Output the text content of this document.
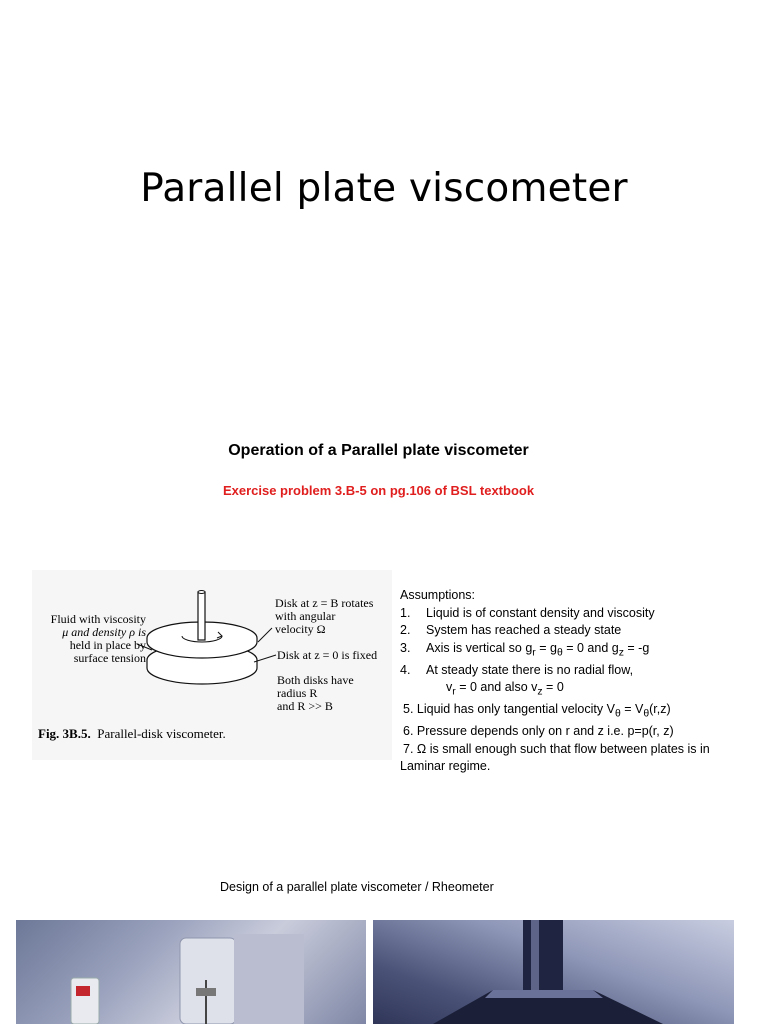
Parallel plate viscometer
Operation of a Parallel plate viscometer
Exercise problem 3.B-5 on pg.106 of BSL textbook
Fluid with viscosity
μ and density ρ is
held in place by
surface tension
Disk at z = B rotates
with angular
velocity Ω
Disk at z = 0 is fixed
Both disks have
radius R
and R >> B
Fig. 3B.5. Parallel-disk viscometer.
Assumptions:
1. Liquid is of constant density and viscosity
2. System has reached a steady state
3. Axis is vertical so $g_r = g_\theta = 0$ and $g_z = -g$
4. At steady state there is no radial flow,
$v_r = 0$ and also $v_z = 0$
5. Liquid has only tangential velocity $V_\theta = V_\theta(r,z)$
6. Pressure depends only on r and z i.e. p=p(r, z)
7. Ω is small enough such that flow between plates is in
Laminar regime.
Design of a parallel plate viscometer / Rheometer
